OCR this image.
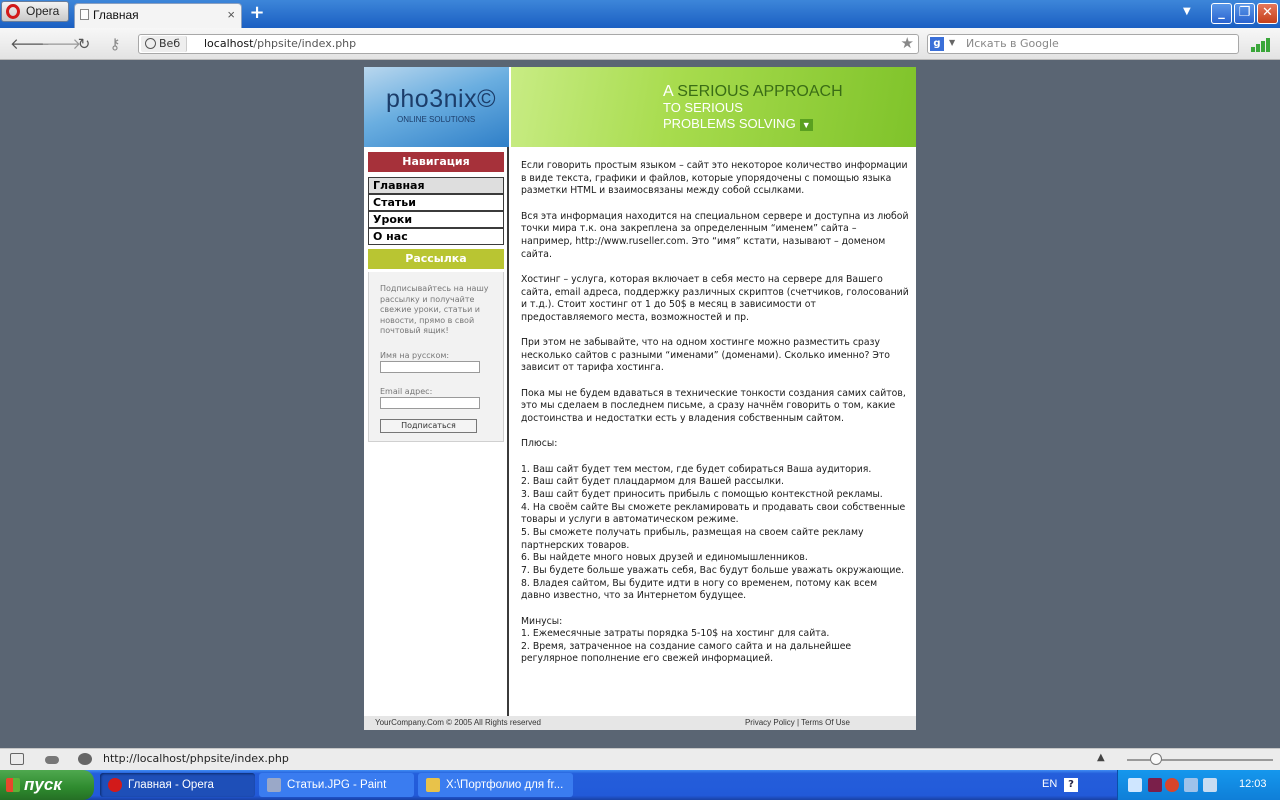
Opera	Главная	× +	▼	_	❐ ✕
🡐
🡒
↻	⚷	Веб	localhost/phpsite/index.php	★	g	▼ Искать в Google
pho3nix©
ONLINE SOLUTIONS
A SERIOUS APPROACH
TO SERIOUS
PROBLEMS SOLVING ▼
Навигация
Главная
Статьи
Уроки
О нас
Рассылка
Подписывайтесь на нашу рассылку и получайте свежие уроки, статьи и новости, прямо в свой почтовый ящик!
Имя на русском:
Email адрес:
Подписаться

Если говорить простым языком – сайт это некоторое количество информации в виде текста, графики и файлов, которые упорядочены с помощью языка разметки HTML и взаимосвязаны между собой ссылками.

Вся эта информация находится на специальном сервере и доступна из любой точки мира т.к. она закреплена за определенным “именем” сайта – например, http://www.ruseller.com. Это “имя” кстати, называют – доменом сайта.

Хостинг – услуга, которая включает в себя место на сервере для Вашего сайта, email адреса, поддержку различных скриптов (счетчиков, голосований и т.д.). Стоит хостинг от 1 до 50$ в месяц в зависимости от предоставляемого места, возможностей и пр.

При этом не забывайте, что на одном хостинге можно разместить сразу несколько сайтов с разными “именами” (доменами). Сколько именно? Это зависит от тарифа хостинга.

Пока мы не будем вдаваться в технические тонкости создания самих сайтов, это мы сделаем в последнем письме, а сразу начнём говорить о том, какие достоинства и недостатки есть у владения собственным сайтом.

Плюсы:

1. Ваш сайт будет тем местом, где будет собираться Ваша аудитория.
2. Ваш сайт будет плацдармом для Вашей рассылки.
3. Ваш сайт будет приносить прибыль с помощью контекстной рекламы.
4. На своём сайте Вы сможете рекламировать и продавать свои собственные товары и услуги в автоматическом режиме.
5. Вы сможете получать прибыль, размещая на своем сайте рекламу партнерских товаров.
6. Вы найдете много новых друзей и единомышленников.
7. Вы будете больше уважать себя, Вас будут больше уважать окружающие.
8. Владея сайтом, Вы будите идти в ногу со временем, потому как всем давно известно, что за Интернетом будущее.

Минусы:

1. Ежемесячные затраты порядка 5-10$ на хостинг для сайта.
2. Время, затраченное на создание самого сайта и на дальнейшее регулярное пополнение его свежей информацией.
YourCompany.Com © 2005 All Rights reserved	Privacy Policy | Terms Of Use
http://localhost/phpsite/index.php	▲
пуск	Главная - Opera	Статьи.JPG - Paint	X:\Портфолио для fr...	EN	?	12:03
